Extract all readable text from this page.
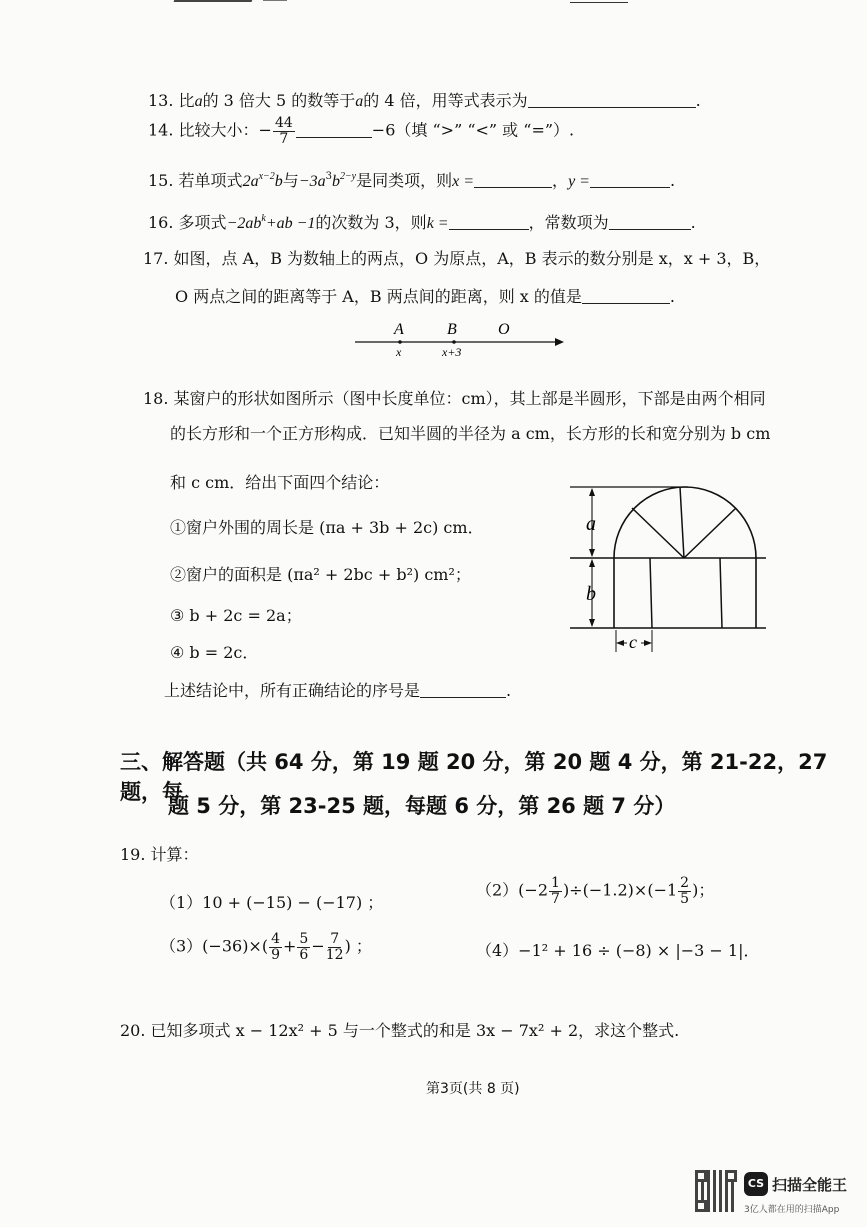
13. 比a的 3 倍大 5 的数等于a的 4 倍，用等式表示为	.
14. 比较大小：− $\frac{44}{7}$	−6（填 “>” “<” 或 “=”）.
15. 若单项式$2a^{x-2}b$与$-3a^3b^{2-y}$是同类项，则x =	，y =	.
16. 多项式$-2ab^k+ab -1$的次数为 3，则k =	，常数项为	.
17. 如图，点 A，B 为数轴上的两点，O 为原点，A，B 表示的数分别是 x，x + 3，B，
O 两点之间的距离等于 A，B 两点间的距离，则 x 的值是	.
A	B	O
x	x+3
18. 某窗户的形状如图所示（图中长度单位：cm），其上部是半圆形，下部是由两个相同
的长方形和一个正方形构成．已知半圆的半径为 a cm，长方形的长和宽分别为 b cm
和 c cm．给出下面四个结论：
①窗户外围的周长是 (πa + 3b + 2c) cm．
②窗户的面积是 (πa² + 2bc + b²) cm²；
③ b + 2c = 2a；
④ b = 2c．
上述结论中，所有正确结论的序号是	.
a
b
c
三、解答题（共 64 分，第 19 题 20 分，第 20 题 4 分，第 21-22，27 题，每
题 5 分，第 23-25 题，每题 6 分，第 26 题 7 分）
19. 计算：
（1）10 + (−15) − (−17) ；
$(2)(-2 \frac{1}{7} )\div(-1.2)\times(-1 \frac{2}{5}$ )；
$(3)(-36)\times( \frac{4}{9} + \frac{5}{6} - \frac{7}{12}$ ) ；	（4）−1² + 16 ÷ (−8) × |−3 − 1|．
20. 已知多项式 x − 12x² + 5 与一个整式的和是 3x − 7x² + 2，求这个整式.
第3页(共 8 页)
CS 扫描全能王
3亿人都在用的扫描App
